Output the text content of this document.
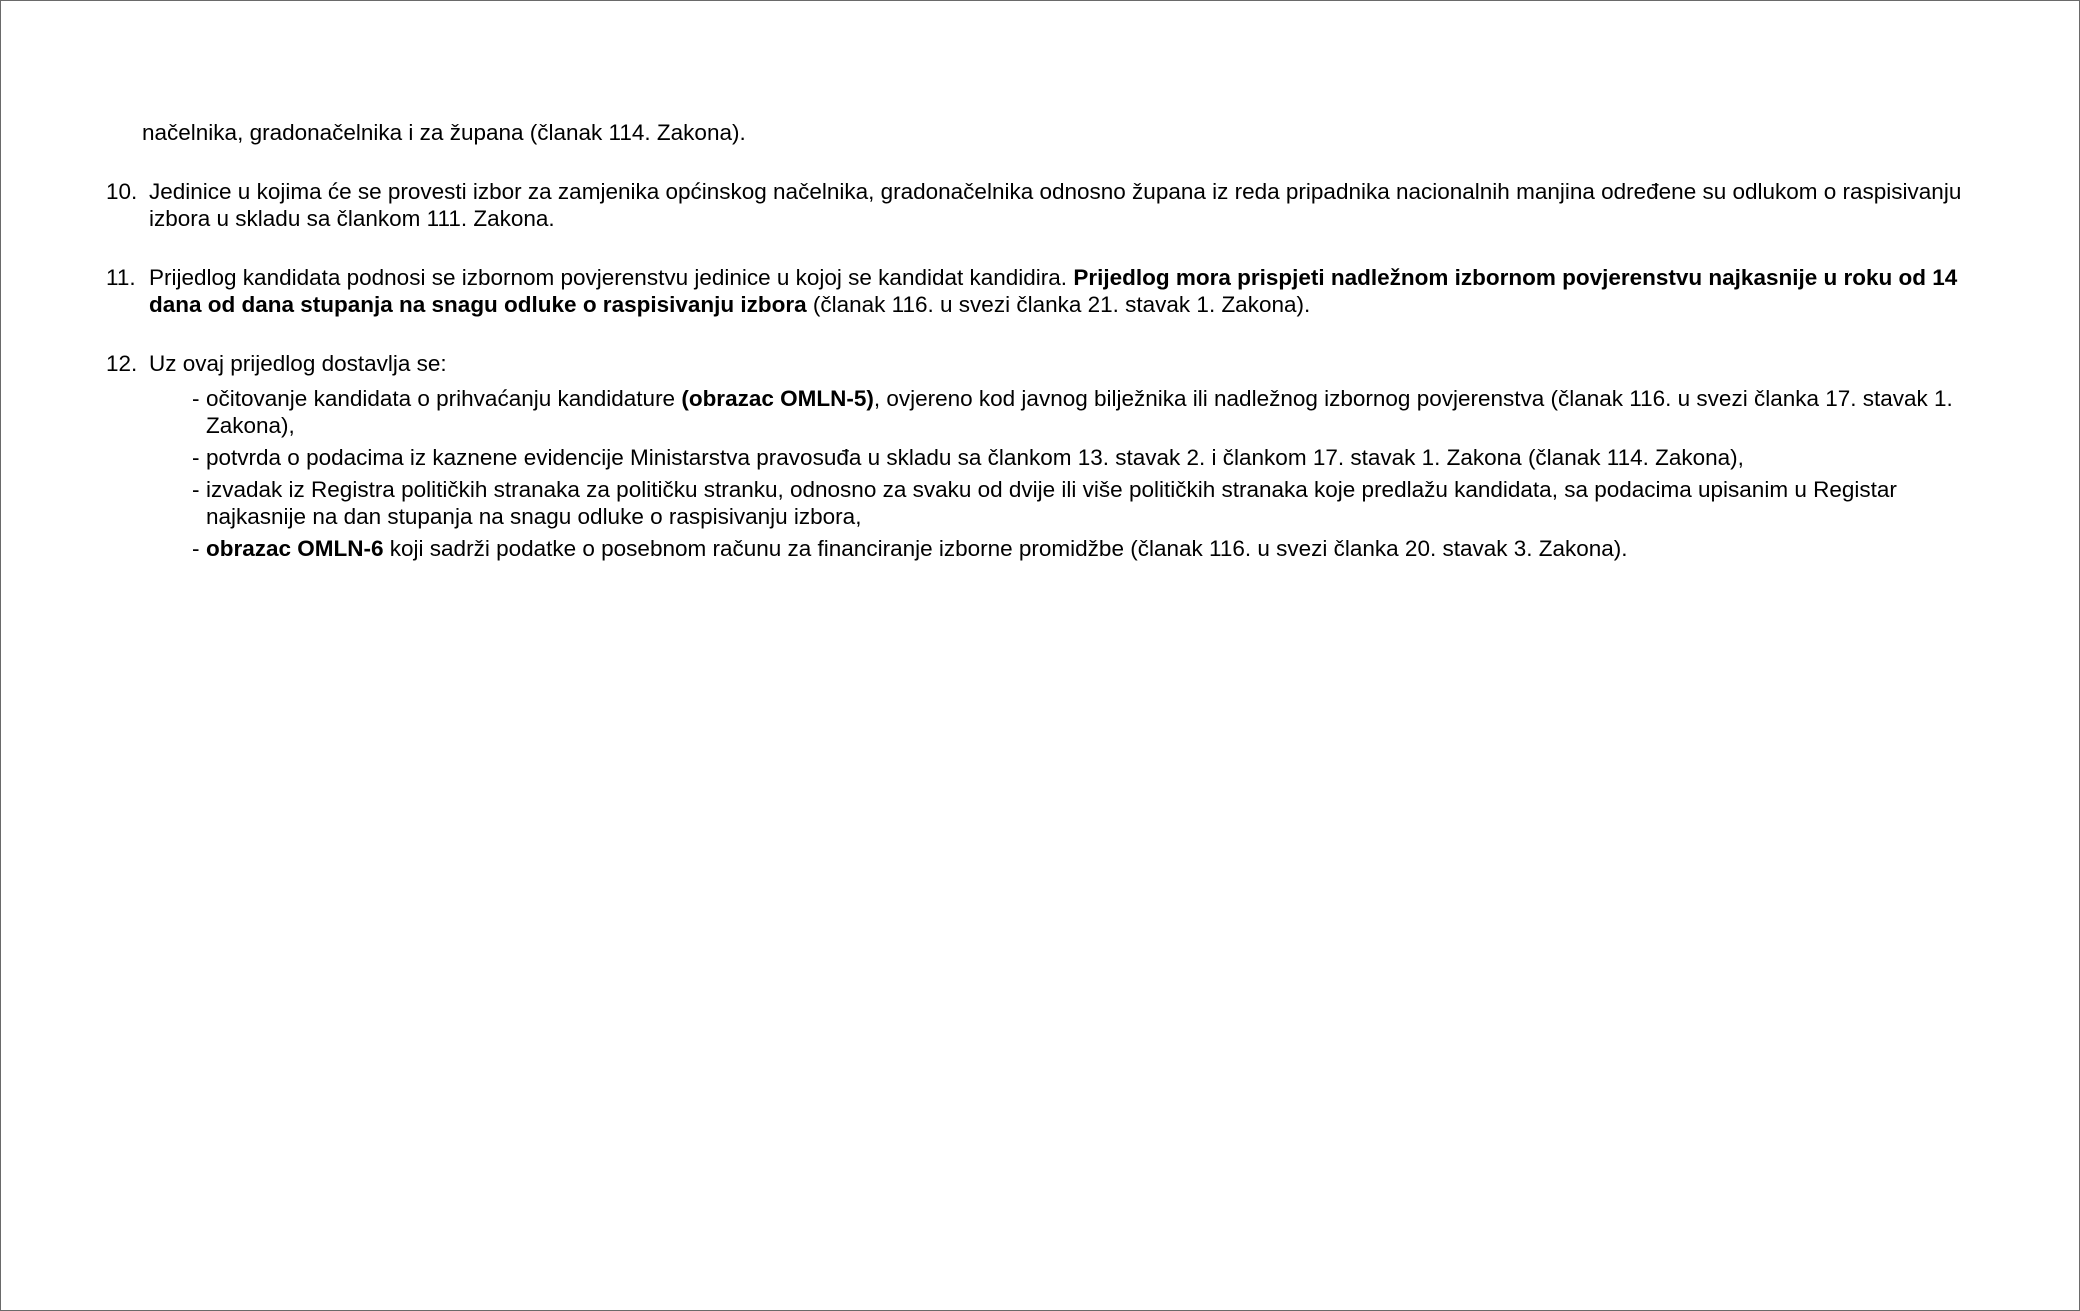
načelnika, gradonačelnika i za župana (članak 114. Zakona).

10. Jedinice u kojima će se provesti izbor za zamjenika općinskog načelnika, gradonačelnika odnosno župana iz reda pripadnika nacionalnih manjina određene su odlukom o raspisivanju izbora u skladu sa člankom 111. Zakona.
11. Prijedlog kandidata podnosi se izbornom povjerenstvu jedinice u kojoj se kandidat kandidira. Prijedlog mora prispjeti nadležnom izbornom povjerenstvu najkasnije u roku od 14 dana od dana stupanja na snagu odluke o raspisivanju izbora (članak 116. u svezi članka 21. stavak 1. Zakona).
12. Uz ovaj prijedlog dostavlja se:
- očitovanje kandidata o prihvaćanju kandidature (obrazac OMLN-5), ovjereno kod javnog bilježnika ili nadležnog izbornog povjerenstva (članak 116. u svezi članka 17. stavak 1. Zakona),
- potvrda o podacima iz kaznene evidencije Ministarstva pravosuđa u skladu sa člankom 13. stavak 2. i člankom 17. stavak 1. Zakona (članak 114. Zakona),
- izvadak iz Registra političkih stranaka za političku stranku, odnosno za svaku od dvije ili više političkih stranaka koje predlažu kandidata, sa podacima upisanim u Registar najkasnije na dan stupanja na snagu odluke o raspisivanju izbora,
- obrazac OMLN-6 koji sadrži podatke o posebnom računu za financiranje izborne promidžbe (članak 116. u svezi članka 20. stavak 3. Zakona).
